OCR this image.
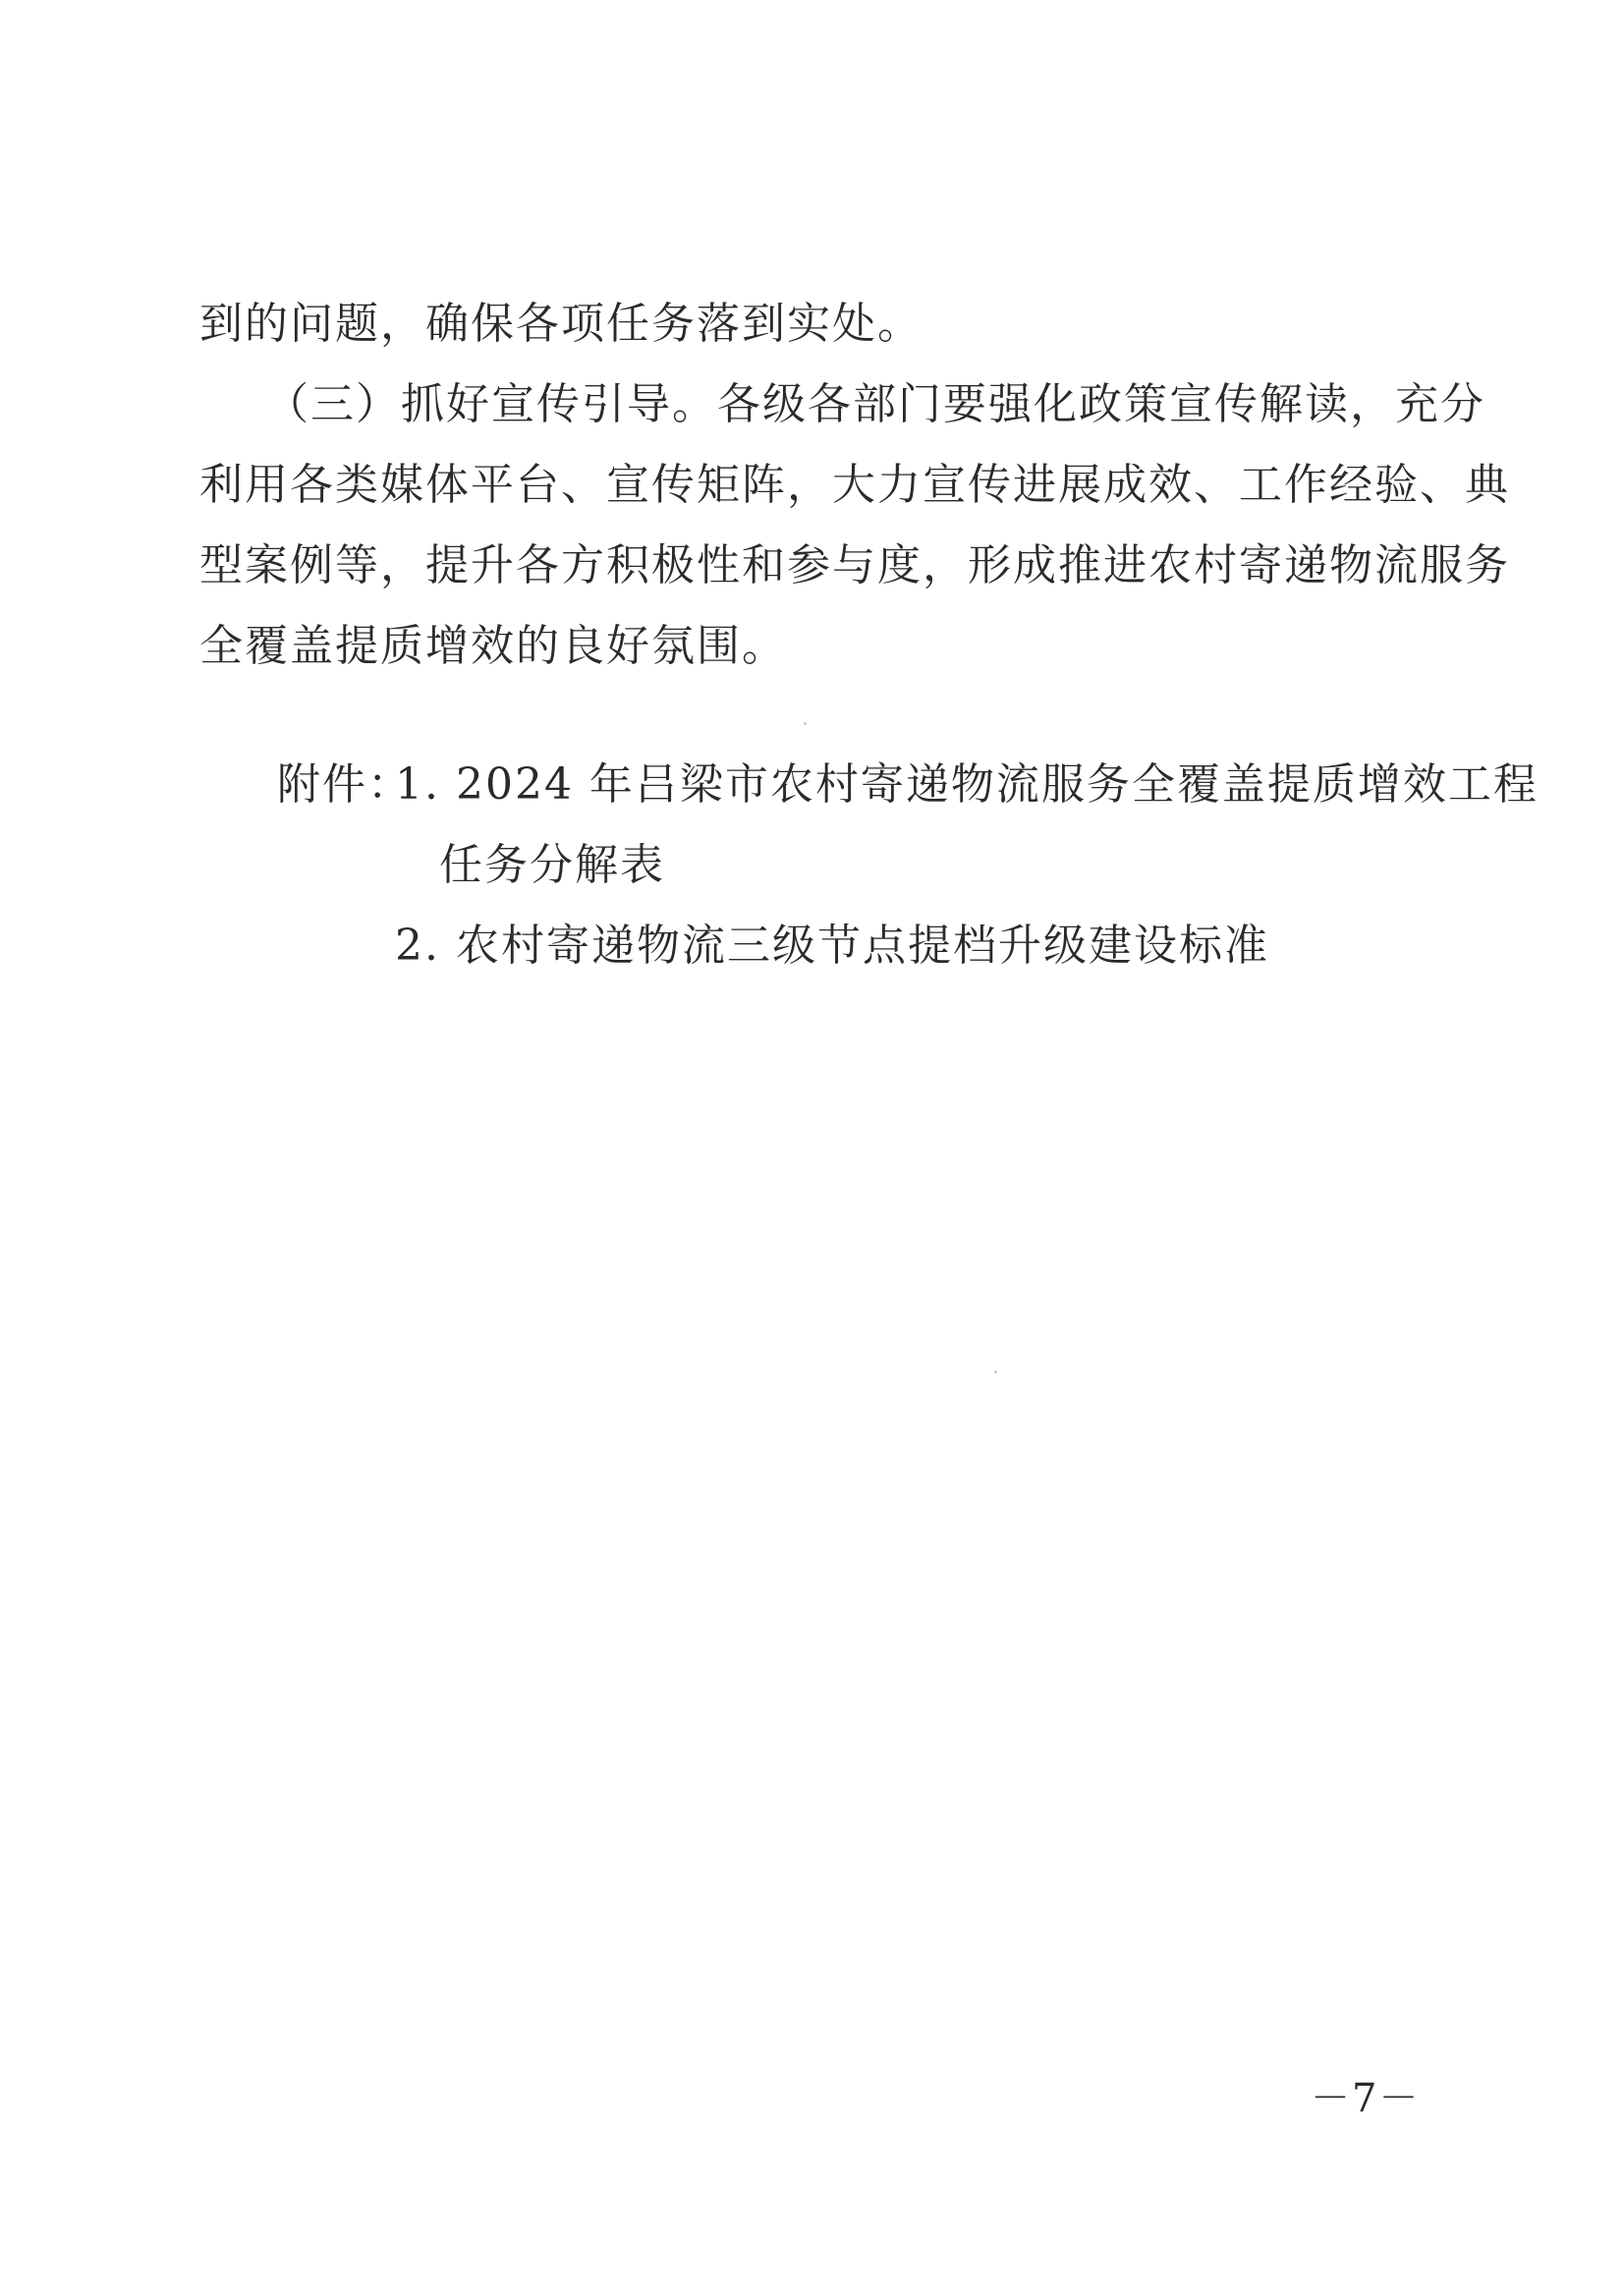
到的问题，确保各项任务落到实处。
（三）抓好宣传引导。各级各部门要强化政策宣传解读，充分
利用各类媒体平台、宣传矩阵，大力宣传进展成效、工作经验、典
型案例等，提升各方积极性和参与度，形成推进农村寄递物流服务
全覆盖提质增效的良好氛围。
附件：
1. 2024 年吕梁市农村寄递物流服务全覆盖提质增效工程
任务分解表
2. 农村寄递物流三级节点提档升级建设标准
－7－
